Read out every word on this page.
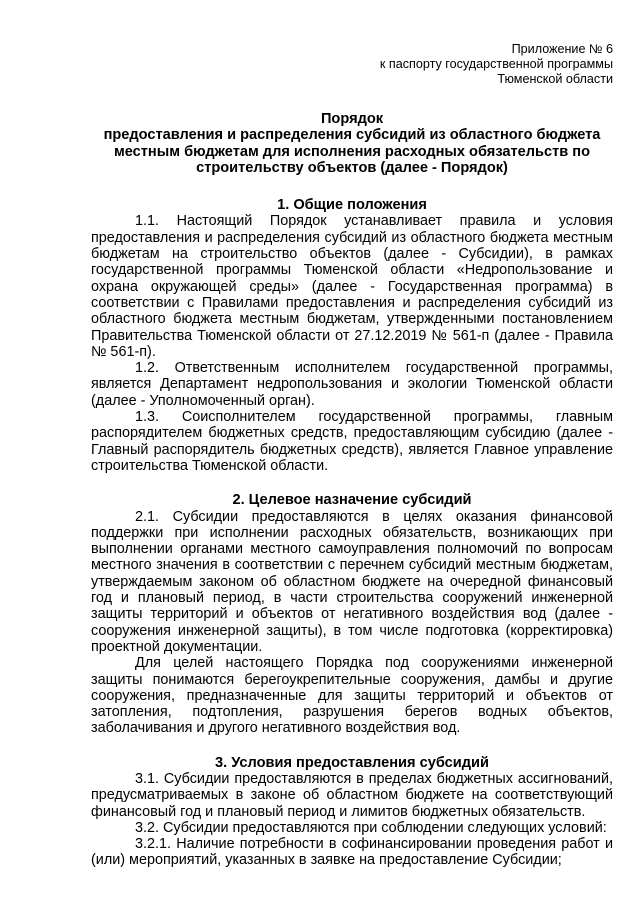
Приложение № 6
к паспорту государственной программы
Тюменской области
Порядок
предоставления и распределения субсидий из областного бюджета
местным бюджетам для исполнения расходных обязательств по
строительству объектов (далее - Порядок)
1. Общие положения

1.1. Настоящий Порядок устанавливает правила и условия предоставления и распределения субсидий из областного бюджета местным бюджетам на строительство объектов (далее - Субсидии), в рамках государственной программы Тюменской области «Недропользование и охрана окружающей среды» (далее - Государственная программа) в соответствии с Правилами предоставления и распределения субсидий из областного бюджета местным бюджетам, утвержденными постановлением Правительства Тюменской области от 27.12.2019 № 561-п (далее - Правила № 561-п).

1.2. Ответственным исполнителем государственной программы, является Департамент недропользования и экологии Тюменской области (далее - Уполномоченный орган).

1.3. Соисполнителем государственной программы, главным распорядителем бюджетных средств, предоставляющим субсидию (далее - Главный распорядитель бюджетных средств), является Главное управление строительства Тюменской области.

2. Целевое назначение субсидий

2.1. Субсидии предоставляются в целях оказания финансовой поддержки при исполнении расходных обязательств, возникающих при выполнении органами местного самоуправления полномочий по вопросам местного значения в соответствии с перечнем субсидий местным бюджетам, утверждаемым законом об областном бюджете на очередной финансовый год и плановый период, в части строительства сооружений инженерной защиты территорий и объектов от негативного воздействия вод (далее - сооружения инженерной защиты), в том числе подготовка (корректировка) проектной документации.

Для целей настоящего Порядка под сооружениями инженерной защиты понимаются берегоукрепительные сооружения, дамбы и другие сооружения, предназначенные для защиты территорий и объектов от затопления, подтопления, разрушения берегов водных объектов, заболачивания и другого негативного воздействия вод.

3. Условия предоставления субсидий

3.1. Субсидии предоставляются в пределах бюджетных ассигнований, предусматриваемых в законе об областном бюджете на соответствующий финансовый год и плановый период и лимитов бюджетных обязательств.

3.2. Субсидии предоставляются при соблюдении следующих условий:

3.2.1. Наличие потребности в софинансировании проведения работ и (или) мероприятий, указанных в заявке на предоставление Субсидии;
